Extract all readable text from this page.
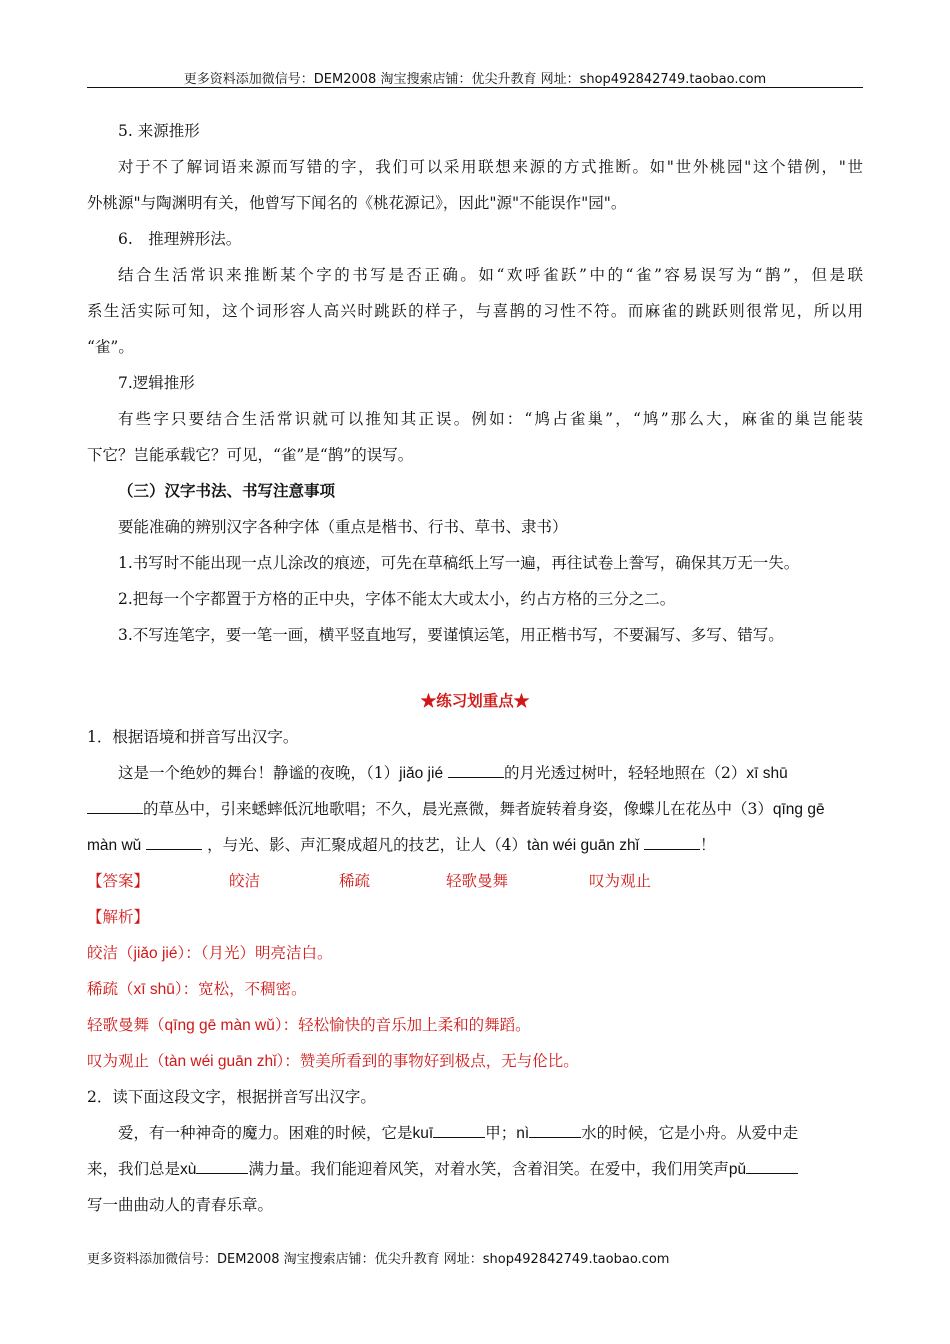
更多资料添加微信号：DEM2008 淘宝搜索店铺：优尖升教育 网址：shop492842749.taobao.com
5. 来源推形
对于不了解词语来源而写错的字，我们可以采用联想来源的方式推断。如"世外桃园"这个错例，"世
外桃源"与陶渊明有关，他曾写下闻名的《桃花源记》，因此"源"不能误作"园"。
6.　推理辨形法。
结合生活常识来推断某个字的书写是否正确。如“欢呼雀跃”中的“雀”容易误写为“鹊”，但是联
系生活实际可知，这个词形容人高兴时跳跃的样子，与喜鹊的习性不符。而麻雀的跳跃则很常见，所以用
“雀”。
7.逻辑推形
有些字只要结合生活常识就可以推知其正误。例如：“鸠占雀巢”，“鸠”那么大，麻雀的巢岂能装
下它？岂能承载它？可见，“雀”是“鹊”的误写。
（三）汉字书法、书写注意事项
要能准确的辨别汉字各种字体（重点是楷书、行书、草书、隶书）
1.书写时不能出现一点儿涂改的痕迹，可先在草稿纸上写一遍，再往试卷上誊写，确保其万无一失。
2.把每一个字都置于方格的正中央，字体不能太大或太小，约占方格的三分之二。
3.不写连笔字，要一笔一画，横平竖直地写，要谨慎运笔，用正楷书写，不要漏写、多写、错写。
★练习划重点★
1．根据语境和拼音写出汉字。
这是一个绝妙的舞台！静谧的夜晚，（1）jiǎo jié	的月光透过树叶，轻轻地照在（2）xī shū
的草丛中，引来蟋蟀低沉地歌唱；不久，晨光熹微，舞者旋转着身姿，像蝶儿在花丛中（3）qīng gē
màn wǔ	，与光、影、声汇聚成超凡的技艺，让人（4）tàn wéi guān zhǐ	！
【答案】	皎洁	稀疏	轻歌曼舞	叹为观止
【解析】
皎洁（jiǎo jié）：（月光）明亮洁白。
稀疏（xī shū）：宽松，不稠密。
轻歌曼舞（qīng gē màn wǔ）：轻松愉快的音乐加上柔和的舞蹈。
叹为观止（tàn wéi guān zhǐ）：赞美所看到的事物好到极点，无与伦比。
2．读下面这段文字，根据拼音写出汉字。
爱，有一种神奇的魔力。困难的时候，它是kuī	甲；nì	水的时候，它是小舟。从爱中走
来，我们总是xù	满力量。我们能迎着风笑，对着水笑，含着泪笑。在爱中，我们用笑声pǔ
写一曲曲动人的青春乐章。
更多资料添加微信号：DEM2008 淘宝搜索店铺：优尖升教育 网址：shop492842749.taobao.com
